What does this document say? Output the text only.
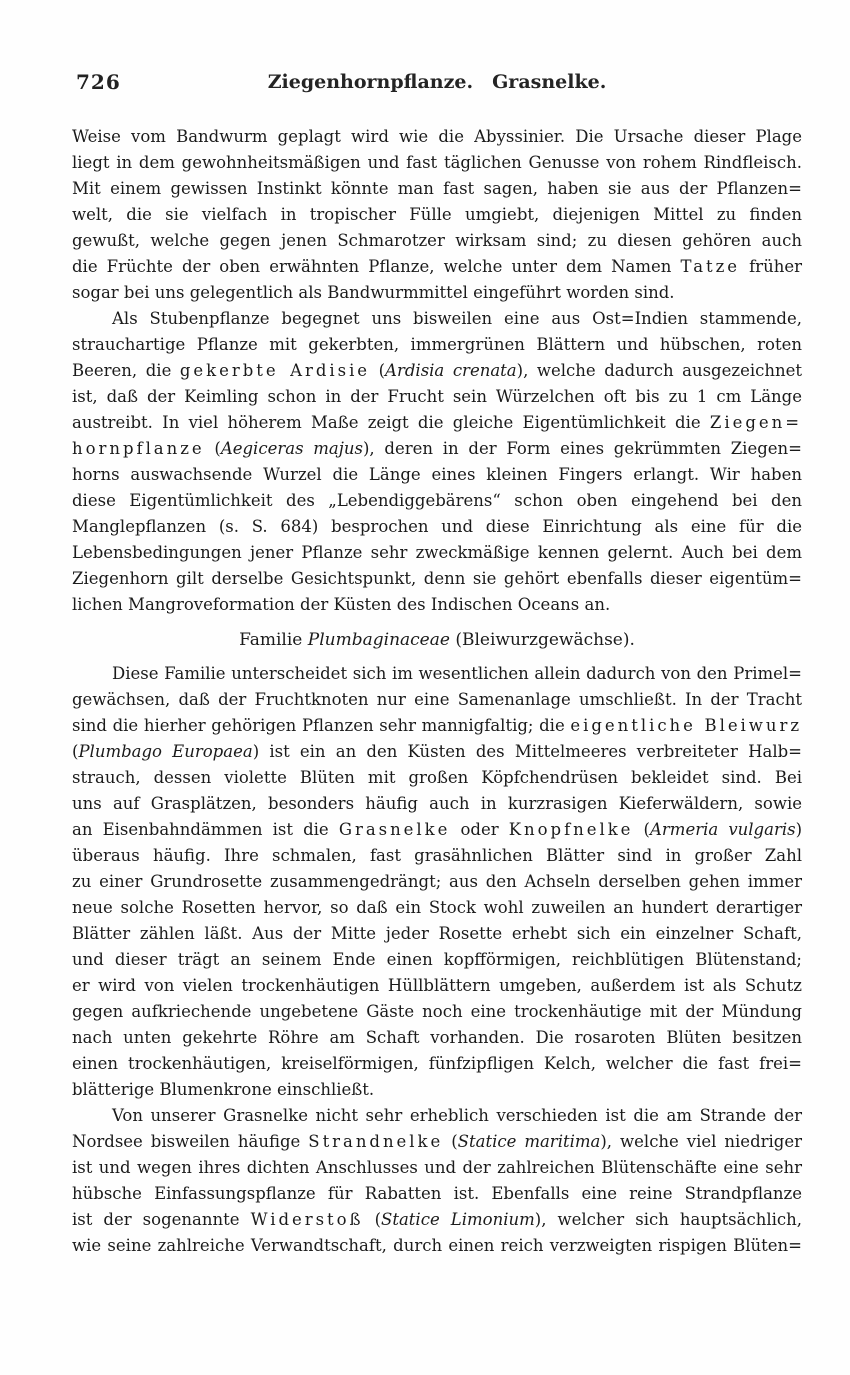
726	Ziegenhornpflanze.  Grasnelke.
Weise vom Bandwurm geplagt wird wie die Abyssinier. Die Ursache dieser Plage
liegt in dem gewohnheitsmäßigen und fast täglichen Genusse von rohem Rindfleisch.
Mit einem gewissen Instinkt könnte man fast sagen, haben sie aus der Pflanzen=
welt, die sie vielfach in tropischer Fülle umgiebt, diejenigen Mittel zu finden
gewußt, welche gegen jenen Schmarotzer wirksam sind; zu diesen gehören auch
die Früchte der oben erwähnten Pflanze, welche unter dem Namen Tatze früher
sogar bei uns gelegentlich als Bandwurmmittel eingeführt worden sind.
Als Stubenpflanze begegnet uns bisweilen eine aus Ost=Indien stammende,
strauchartige Pflanze mit gekerbten, immergrünen Blättern und hübschen, roten
Beeren, die gekerbte Ardisie (Ardisia crenata), welche dadurch ausgezeichnet
ist, daß der Keimling schon in der Frucht sein Würzelchen oft bis zu 1 cm Länge
austreibt. In viel höherem Maße zeigt die gleiche Eigentümlichkeit die Ziegen=
hornpflanze (Aegiceras majus), deren in der Form eines gekrümmten Ziegen=
horns auswachsende Wurzel die Länge eines kleinen Fingers erlangt. Wir haben
diese Eigentümlichkeit des „Lebendiggebärens“ schon oben eingehend bei den
Manglepflanzen (s. S. 684) besprochen und diese Einrichtung als eine für die
Lebensbedingungen jener Pflanze sehr zweckmäßige kennen gelernt. Auch bei dem
Ziegenhorn gilt derselbe Gesichtspunkt, denn sie gehört ebenfalls dieser eigentüm=
lichen Mangroveformation der Küsten des Indischen Oceans an.
Familie Plumbaginaceae (Bleiwurzgewächse).
Diese Familie unterscheidet sich im wesentlichen allein dadurch von den Primel=
gewächsen, daß der Fruchtknoten nur eine Samenanlage umschließt. In der Tracht
sind die hierher gehörigen Pflanzen sehr mannigfaltig; die eigentliche Bleiwurz
(Plumbago Europaea) ist ein an den Küsten des Mittelmeeres verbreiteter Halb=
strauch, dessen violette Blüten mit großen Köpfchendrüsen bekleidet sind. Bei
uns auf Grasplätzen, besonders häufig auch in kurzrasigen Kieferwäldern, sowie
an Eisenbahndämmen ist die Grasnelke oder Knopfnelke (Armeria vulgaris)
überaus häufig. Ihre schmalen, fast grasähnlichen Blätter sind in großer Zahl
zu einer Grundrosette zusammengedrängt; aus den Achseln derselben gehen immer
neue solche Rosetten hervor, so daß ein Stock wohl zuweilen an hundert derartiger
Blätter zählen läßt. Aus der Mitte jeder Rosette erhebt sich ein einzelner Schaft,
und dieser trägt an seinem Ende einen kopfförmigen, reichblütigen Blütenstand;
er wird von vielen trockenhäutigen Hüllblättern umgeben, außerdem ist als Schutz
gegen aufkriechende ungebetene Gäste noch eine trockenhäutige mit der Mündung
nach unten gekehrte Röhre am Schaft vorhanden. Die rosaroten Blüten besitzen
einen trockenhäutigen, kreiselförmigen, fünfzipfligen Kelch, welcher die fast frei=
blätterige Blumenkrone einschließt.
Von unserer Grasnelke nicht sehr erheblich verschieden ist die am Strande der
Nordsee bisweilen häufige Strandnelke (Statice maritima), welche viel niedriger
ist und wegen ihres dichten Anschlusses und der zahlreichen Blütenschäfte eine sehr
hübsche Einfassungspflanze für Rabatten ist. Ebenfalls eine reine Strandpflanze
ist der sogenannte Widerstoß (Statice Limonium), welcher sich hauptsächlich,
wie seine zahlreiche Verwandtschaft, durch einen reich verzweigten rispigen Blüten=
